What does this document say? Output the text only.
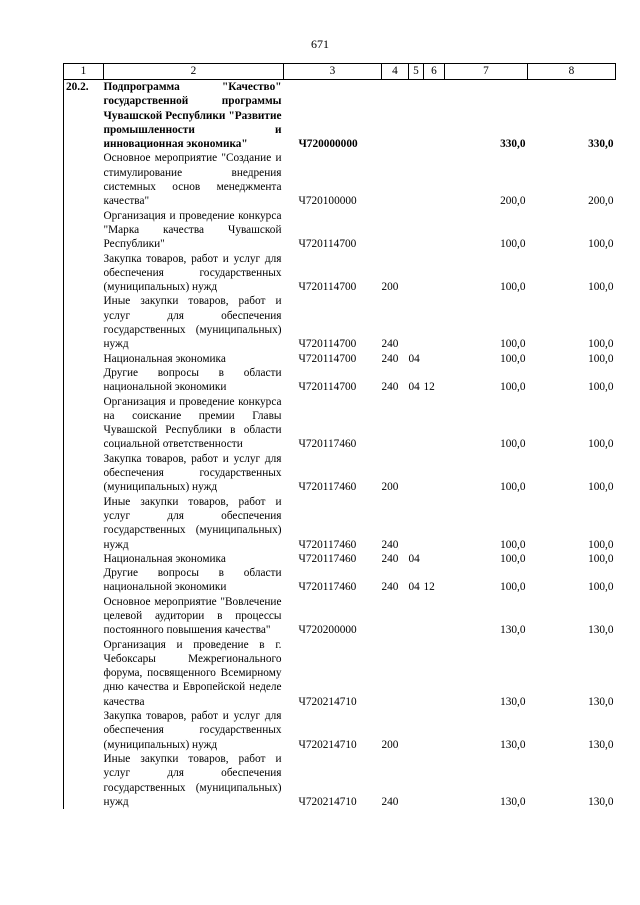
671
1	2	3	4	5	6	7	8
20.2.	Подпрограмма "Качество" государственной программы Чувашской Республики "Развитие промышленности и инновационная экономика"	Ч720000000				330,0	330,0
	Основное мероприятие "Создание и стимулирование внедрения системных основ менеджмента качества"	Ч720100000				200,0	200,0
	Организация и проведение конкурса "Марка качества Чувашской Республики"	Ч720114700				100,0	100,0
	Закупка товаров, работ и услуг для обеспечения государственных (муниципальных) нужд	Ч720114700	200			100,0	100,0
	Иные закупки товаров, работ и услуг для обеспечения государственных (муниципальных) нужд	Ч720114700	240			100,0	100,0
	Национальная экономика	Ч720114700	240	04		100,0	100,0
	Другие вопросы в области национальной экономики	Ч720114700	240	04	12	100,0	100,0
	Организация и проведение конкурса на соискание премии Главы Чувашской Республики в области социальной ответственности	Ч720117460				100,0	100,0
	Закупка товаров, работ и услуг для обеспечения государственных (муниципальных) нужд	Ч720117460	200			100,0	100,0
	Иные закупки товаров, работ и услуг для обеспечения государственных (муниципальных) нужд	Ч720117460	240			100,0	100,0
	Национальная экономика	Ч720117460	240	04		100,0	100,0
	Другие вопросы в области национальной экономики	Ч720117460	240	04	12	100,0	100,0
	Основное мероприятие "Вовлечение целевой аудитории в процессы постоянного повышения качества"	Ч720200000				130,0	130,0
	Организация и проведение в г. Чебоксары Межрегионального форума, посвященного Всемирному дню качества и Европейской неделе качества	Ч720214710				130,0	130,0
	Закупка товаров, работ и услуг для обеспечения государственных (муниципальных) нужд	Ч720214710	200			130,0	130,0
	Иные закупки товаров, работ и услуг для обеспечения государственных (муниципальных) нужд	Ч720214710	240			130,0	130,0
